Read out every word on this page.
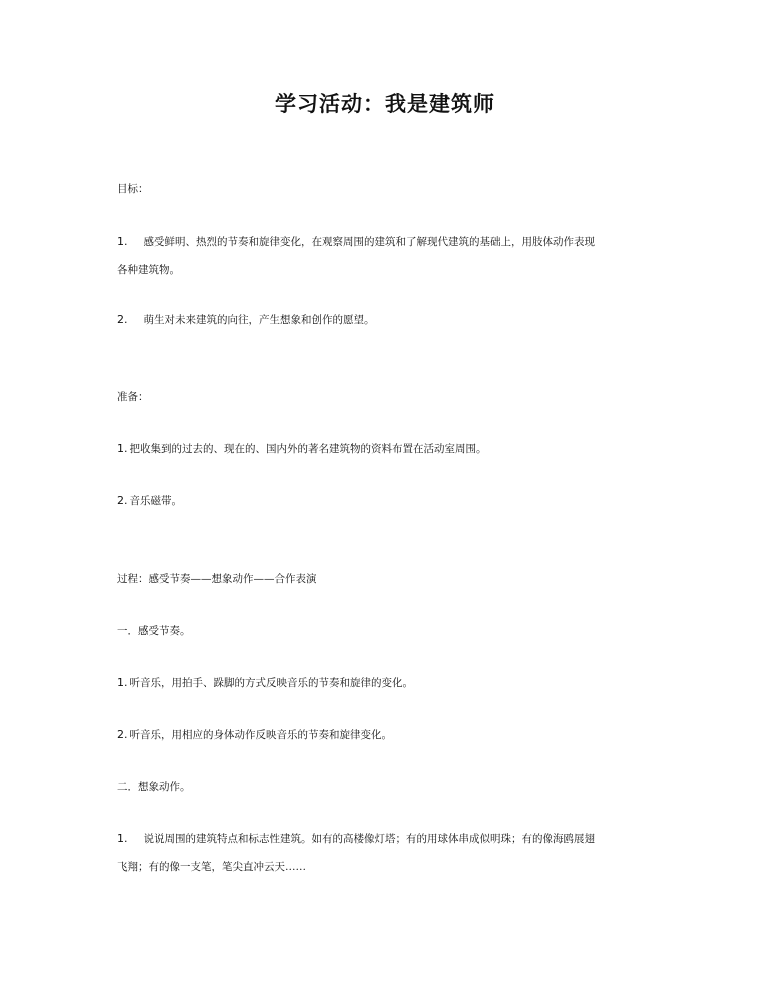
学习活动：我是建筑师
目标：
1. 感受鲜明、热烈的节奏和旋律变化，在观察周围的建筑和了解现代建筑的基础上，用肢体动作表现
各种建筑物。
2. 萌生对未来建筑的向往，产生想象和创作的愿望。
准备：
1. 把收集到的过去的、现在的、国内外的著名建筑物的资料布置在活动室周围。
2. 音乐磁带。
过程：感受节奏——想象动作——合作表演
一．感受节奏。
1. 听音乐，用拍手、跺脚的方式反映音乐的节奏和旋律的变化。
2. 听音乐，用相应的身体动作反映音乐的节奏和旋律变化。
二．想象动作。
1. 说说周围的建筑特点和标志性建筑。如有的高楼像灯塔；有的用球体串成似明珠；有的像海鸥展翅
飞翔；有的像一支笔，笔尖直冲云天……
